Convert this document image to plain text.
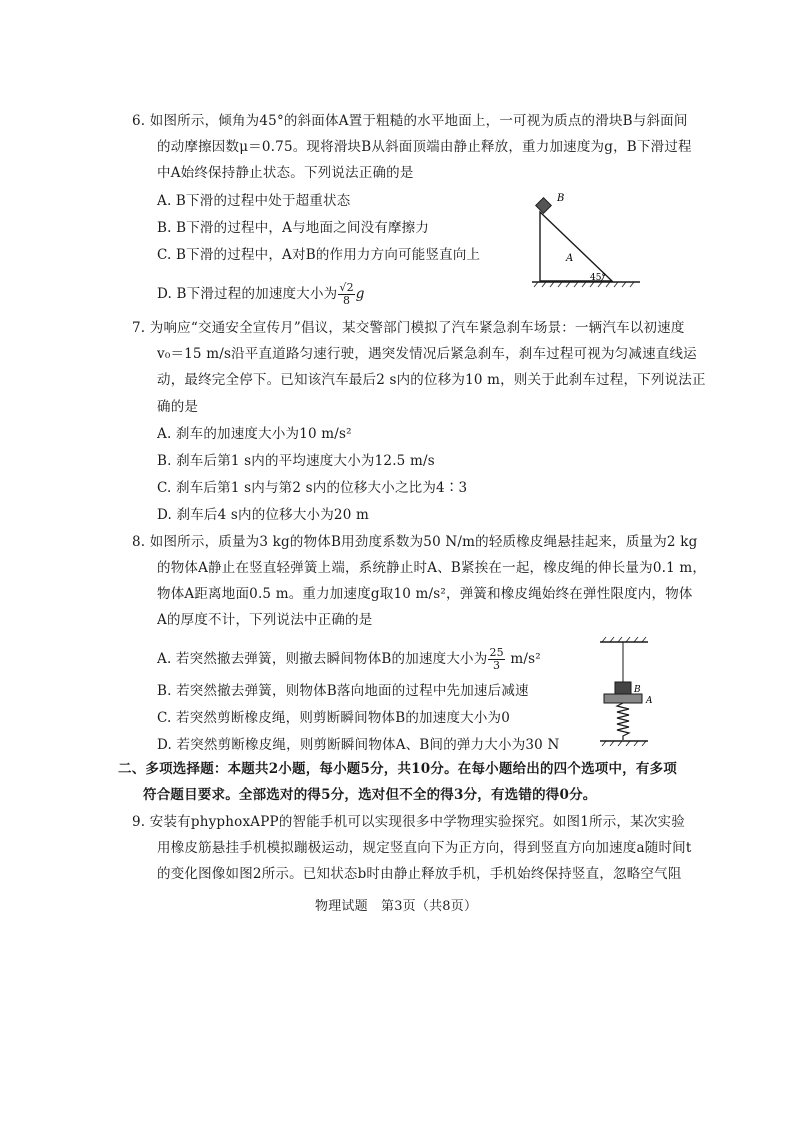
6. 如图所示，倾角为45°的斜面体A置于粗糙的水平地面上，一可视为质点的滑块B与斜面间
的动摩擦因数μ＝0.75。现将滑块B从斜面顶端由静止释放，重力加速度为g，B下滑过程
中A始终保持静止状态。下列说法正确的是
A. B下滑的过程中处于超重状态
B. B下滑的过程中，A与地面之间没有摩擦力
C. B下滑的过程中，A对B的作用力方向可能竖直向上
D. B下滑过程的加速度大小为 $\frac{√2}{8}$ g
B
A
45°
7. 为响应“交通安全宣传月”倡议，某交警部门模拟了汽车紧急刹车场景：一辆汽车以初速度
v₀＝15 m/s沿平直道路匀速行驶，遇突发情况后紧急刹车，刹车过程可视为匀减速直线运
动，最终完全停下。已知该汽车最后2 s内的位移为10 m，则关于此刹车过程，下列说法正
确的是
A. 刹车的加速度大小为10 m/s²
B. 刹车后第1 s内的平均速度大小为12.5 m/s
C. 刹车后第1 s内与第2 s内的位移大小之比为4∶3
D. 刹车后4 s内的位移大小为20 m
8. 如图所示，质量为3 kg的物体B用劲度系数为50 N/m的轻质橡皮绳悬挂起来，质量为2 kg
的物体A静止在竖直轻弹簧上端，系统静止时A、B紧挨在一起，橡皮绳的伸长量为0.1 m，
物体A距离地面0.5 m。重力加速度g取10 m/s²，弹簧和橡皮绳始终在弹性限度内，物体
A的厚度不计，下列说法中正确的是
A. 若突然撤去弹簧，则撤去瞬间物体B的加速度大小为 $\frac{25}{3} m/s^2$
B. 若突然撤去弹簧，则物体B落向地面的过程中先加速后减速
C. 若突然剪断橡皮绳，则剪断瞬间物体B的加速度大小为0
D. 若突然剪断橡皮绳，则剪断瞬间物体A、B间的弹力大小为30 N
B
A
二、多项选择题：本题共2小题，每小题5分，共10分。在每小题给出的四个选项中，有多项
符合题目要求。全部选对的得5分，选对但不全的得3分，有选错的得0分。
9. 安装有phyphoxAPP的智能手机可以实现很多中学物理实验探究。如图1所示，某次实验
用橡皮筋悬挂手机模拟蹦极运动，规定竖直向下为正方向，得到竖直方向加速度a随时间t
的变化图像如图2所示。已知状态b时由静止释放手机，手机始终保持竖直，忽略空气阻
物理试题　第3页（共8页）
